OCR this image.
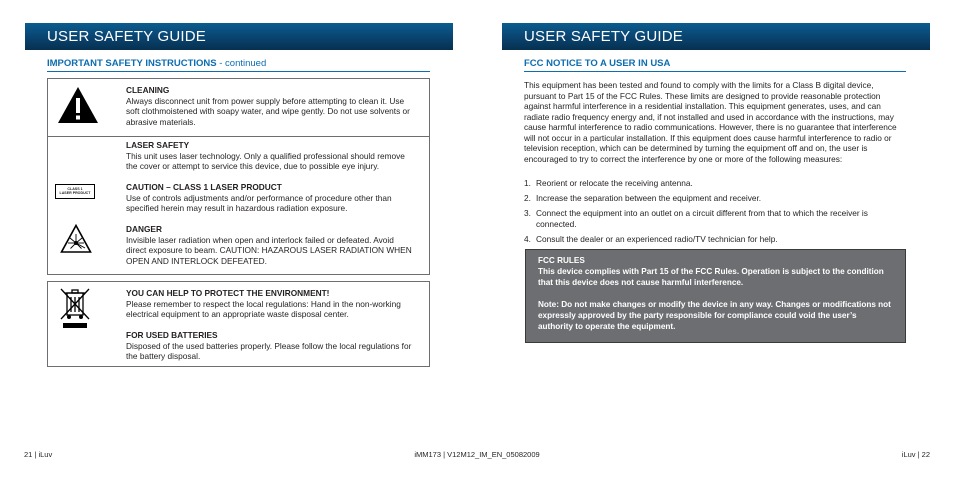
USER SAFETY GUIDE
IMPORTANT SAFETY INSTRUCTIONS - continued
CLEANING
Always disconnect unit from power supply before attempting to clean it. Use soft clothmoistened with soapy water, and wipe gently. Do not use solvents or abrasive materials.
LASER SAFETY
This unit uses laser technology. Only a qualified professional should remove the cover or attempt to service this device, due to possible eye injury.
CLASS 1
LASER PRODUCT
CAUTION – CLASS 1 LASER PRODUCT
Use of controls adjustments and/or performance of procedure other than specified herein may result in hazardous radiation exposure.
DANGER
Invisible laser radiation when open and interlock failed or defeated. Avoid direct exposure to beam. CAUTION: HAZAROUS LASER RADIATION WHEN OPEN AND INTERLOCK DEFEATED.
YOU CAN HELP TO PROTECT THE ENVIRONMENT!
Please remember to respect the local regulations: Hand in the non-working electrical equipment to an appropriate waste disposal center.
FOR USED BATTERIES
Disposed of the used batteries properly. Please follow the local regulations for the battery disposal.
21 | iLuv	iMM173 | V12M12_IM_EN_05082009
USER SAFETY GUIDE
FCC NOTICE TO A USER IN USA
This equipment has been tested and found to comply with the limits for a Class B digital device, pursuant to Part 15 of the FCC Rules. These limits are designed to provide reasonable protection against harmful interference in a residential installation. This equipment generates, uses, and can radiate radio frequency energy and, if not installed and used in accordance with the instructions, may cause harmful interference to radio communications. However, there is no guarantee that interference will not occur in a particular installation. If this equipment does cause harmful interference to radio or television reception, which can be determined by turning the equipment off and on, the user is encouraged to try to correct the interference by one or more of the following measures:
1. Reorient or relocate the receiving antenna.
2. Increase the separation between the equipment and receiver.
3. Connect the equipment into an outlet on a circuit different from that to which the receiver is connected.
4. Consult the dealer or an experienced radio/TV technician for help.
FCC RULES
This device complies with Part 15 of the FCC Rules. Operation is subject to the condition that this device does not cause harmful interference.
Note: Do not make changes or modify the device in any way. Changes or modifications not expressly approved by the party responsible for compliance could void the user’s authority to operate the equipment.
iLuv | 22
